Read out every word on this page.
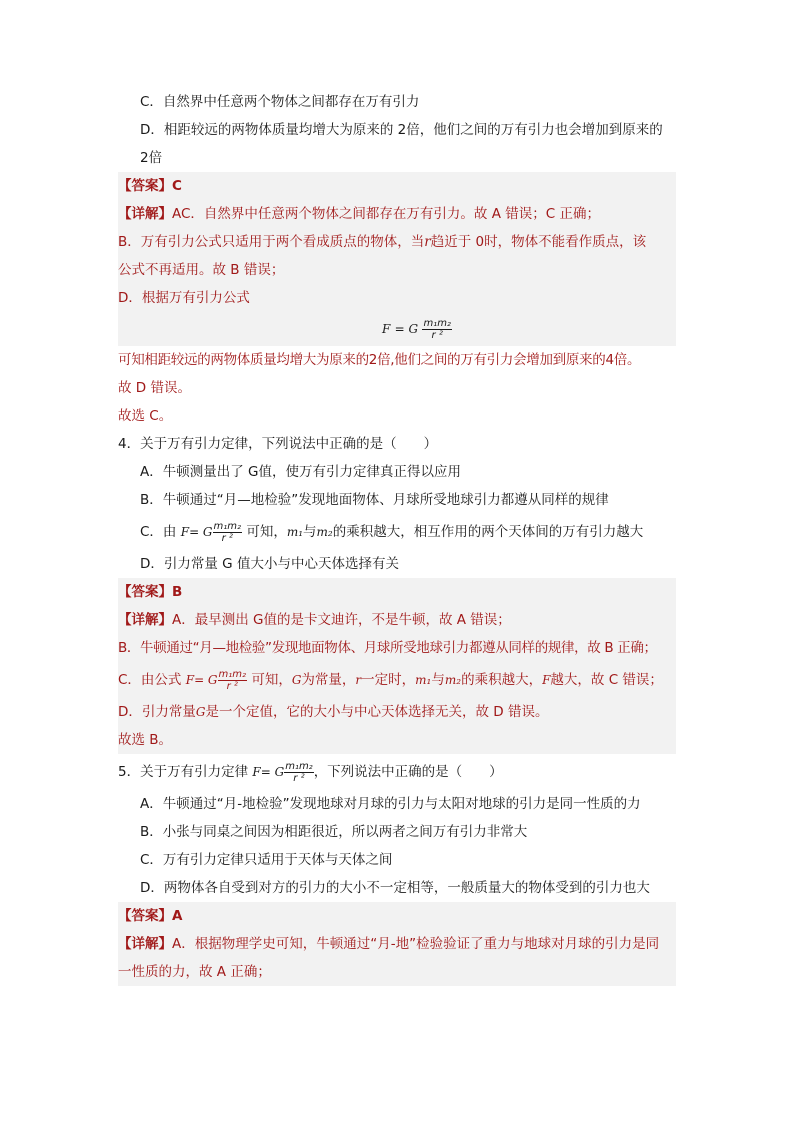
C．自然界中任意两个物体之间都存在万有引力
D．相距较远的两物体质量均增大为原来的 2倍，他们之间的万有引力也会增加到原来的
2倍
【答案】C
【详解】AC．自然界中任意两个物体之间都存在万有引力。故 A 错误；C 正确；
B．万有引力公式只适用于两个看成质点的物体，当r趋近于 0时，物体不能看作质点，该
公式不再适用。故 B 错误；
D．根据万有引力公式
F = G $\frac{\text{m₁m₂}}{\text{r ²}}$
可知相距较远的两物体质量均增大为原来的2倍,他们之间的万有引力会增加到原来的4倍。
故 D 错误。
故选 C。
4．关于万有引力定律，下列说法中正确的是（　　）
A．牛顿测量出了 G值，使万有引力定律真正得以应用
B．牛顿通过“月—地检验”发现地面物体、月球所受地球引力都遵从同样的规律
C．由 F= G $\frac{\text{m₁m₂}}{\text{r ²}}$ 可知，m₁与m₂的乘积越大，相互作用的两个天体间的万有引力越大
D．引力常量 G 值大小与中心天体选择有关
【答案】B
【详解】A．最早测出 G值的是卡文迪许，不是牛顿，故 A 错误；
B．牛顿通过“月—地检验”发现地面物体、月球所受地球引力都遵从同样的规律，故 B 正确；
C．由公式 F= G $\frac{\text{m₁m₂}}{\text{r ²}}$ 可知，G为常量，r一定时，m₁与m₂的乘积越大，F越大，故 C 错误；
D．引力常量G是一个定值，它的大小与中心天体选择无关，故 D 错误。
故选 B。
5．关于万有引力定律 F= G $\frac{\text{m₁m₂}}{\text{r ²}}$ ，下列说法中正确的是（　　）
A．牛顿通过“月-地检验”发现地球对月球的引力与太阳对地球的引力是同一性质的力
B．小张与同桌之间因为相距很近，所以两者之间万有引力非常大
C．万有引力定律只适用于天体与天体之间
D．两物体各自受到对方的引力的大小不一定相等，一般质量大的物体受到的引力也大
【答案】A
【详解】A．根据物理学史可知，牛顿通过“月-地”检验验证了重力与地球对月球的引力是同
一性质的力，故 A 正确；
